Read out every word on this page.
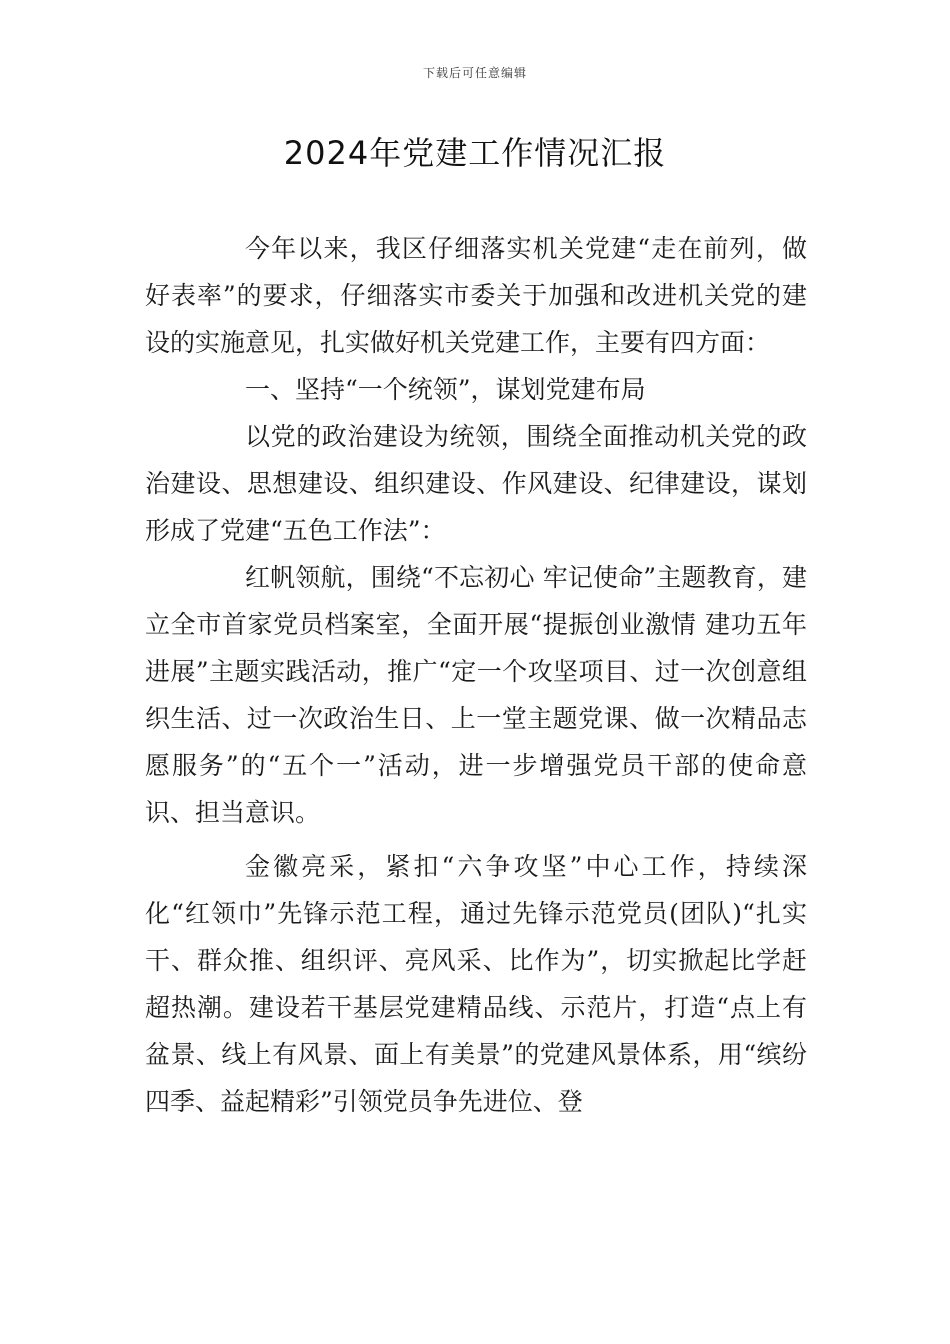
下载后可任意编辑
2024年党建工作情况汇报

今年以来，我区仔细落实机关党建“走在前列，做好表率”的要求，仔细落实市委关于加强和改进机关党的建设的实施意见，扎实做好机关党建工作，主要有四方面：

一、坚持“一个统领”，谋划党建布局

以党的政治建设为统领，围绕全面推动机关党的政治建设、思想建设、组织建设、作风建设、纪律建设，谋划形成了党建“五色工作法”：

红帆领航，围绕“不忘初心 牢记使命”主题教育，建立全市首家党员档案室，全面开展“提振创业激情 建功五年进展”主题实践活动，推广“定一个攻坚项目、过一次创意组织生活、过一次政治生日、上一堂主题党课、做一次精品志愿服务”的“五个一”活动，进一步增强党员干部的使命意识、担当意识。

金徽亮采，紧扣“六争攻坚”中心工作，持续深化“红领巾”先锋示范工程，通过先锋示范党员(团队)“扎实干、群众推、组织评、亮风采、比作为”，切实掀起比学赶超热潮。建设若干基层党建精品线、示范片，打造“点上有盆景、线上有风景、面上有美景”的党建风景体系，用“缤纷四季、益起精彩”引领党员争先进位、登
